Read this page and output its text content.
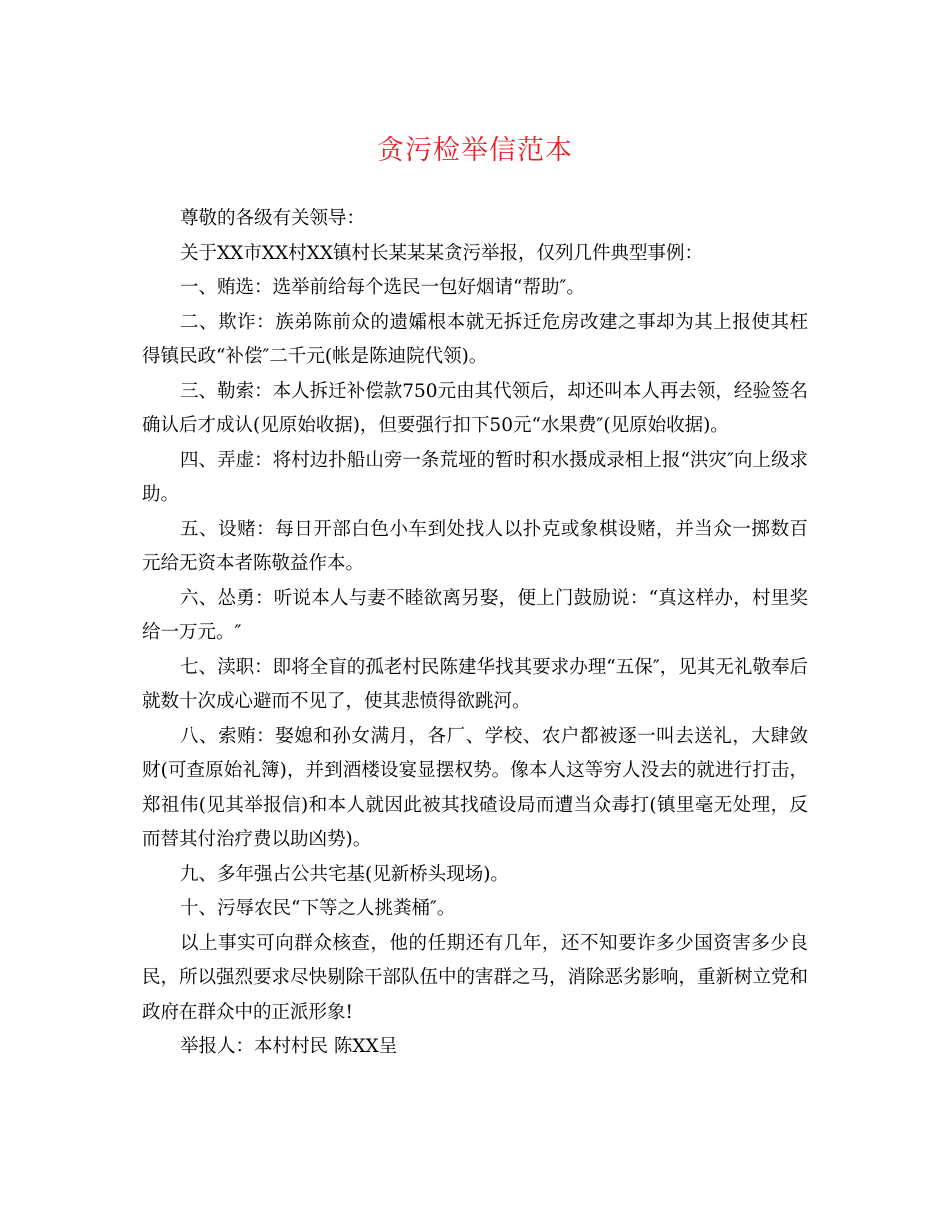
贪污检举信范本

尊敬的各级有关领导：

关于XX市XX村XX镇村长某某某贪污举报，仅列几件典型事例：

一、贿选：选举前给每个选民一包好烟请“帮助″。

二、欺诈：族弟陈前众的遗孀根本就无拆迁危房改建之事却为其上报使其枉得镇民政“补偿″二千元(帐是陈迪院代领)。

三、勒索：本人拆迁补偿款750元由其代领后，却还叫本人再去领，经验签名确认后才成认(见原始收据)，但要强行扣下50元“水果费″(见原始收据)。

四、弄虚：将村边扑船山旁一条荒垭的暂时积水摄成录相上报“洪灾″向上级求助。

五、设赌：每日开部白色小车到处找人以扑克或象棋设赌，并当众一掷数百元给无资本者陈敬益作本。

六、怂勇：听说本人与妻不睦欲离另娶，便上门鼓励说：“真这样办，村里奖给一万元。″

七、渎职：即将全盲的孤老村民陈建华找其要求办理“五保″，见其无礼敬奉后就数十次成心避而不见了，使其悲愤得欲跳河。

八、索贿：娶媳和孙女满月，各厂、学校、农户都被逐一叫去送礼，大肆敛财(可查原始礼簿)，并到酒楼设宴显摆权势。像本人这等穷人没去的就进行打击，郑祖伟(见其举报信)和本人就因此被其找碴设局而遭当众毒打(镇里毫无处理，反而替其付治疗费以助凶势)。

九、多年强占公共宅基(见新桥头现场)。

十、污辱农民“下等之人挑粪桶″。

以上事实可向群众核查，他的任期还有几年，还不知要诈多少国资害多少良民，所以强烈要求尽快剔除干部队伍中的害群之马，消除恶劣影响，重新树立党和政府在群众中的正派形象!

举报人：本村村民 陈XX呈
